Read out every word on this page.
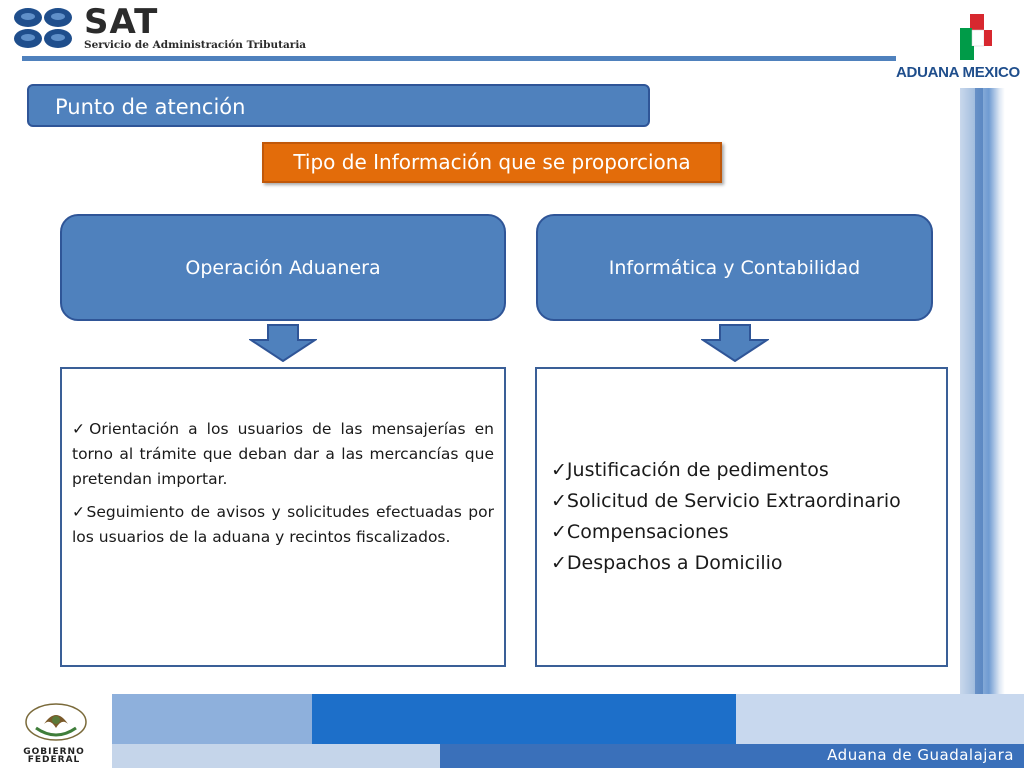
SAT
Servicio de Administración Tributaria
ADUANA MEXICO
Punto de atención
Tipo de Información que se proporciona
Operación Aduanera	Informática y Contabilidad

✓Orientación a los usuarios de las mensajerías en torno al trámite que deban dar a las mercancías que pretendan importar.

✓Seguimiento de avisos y solicitudes efectuadas por los usuarios de la aduana y recintos fiscalizados.

✓Justificación de pedimentos
✓Solicitud de Servicio Extraordinario
✓Compensaciones
✓Despachos a Domicilio
GOBIERNO
FEDERAL	Aduana de Guadalajara
